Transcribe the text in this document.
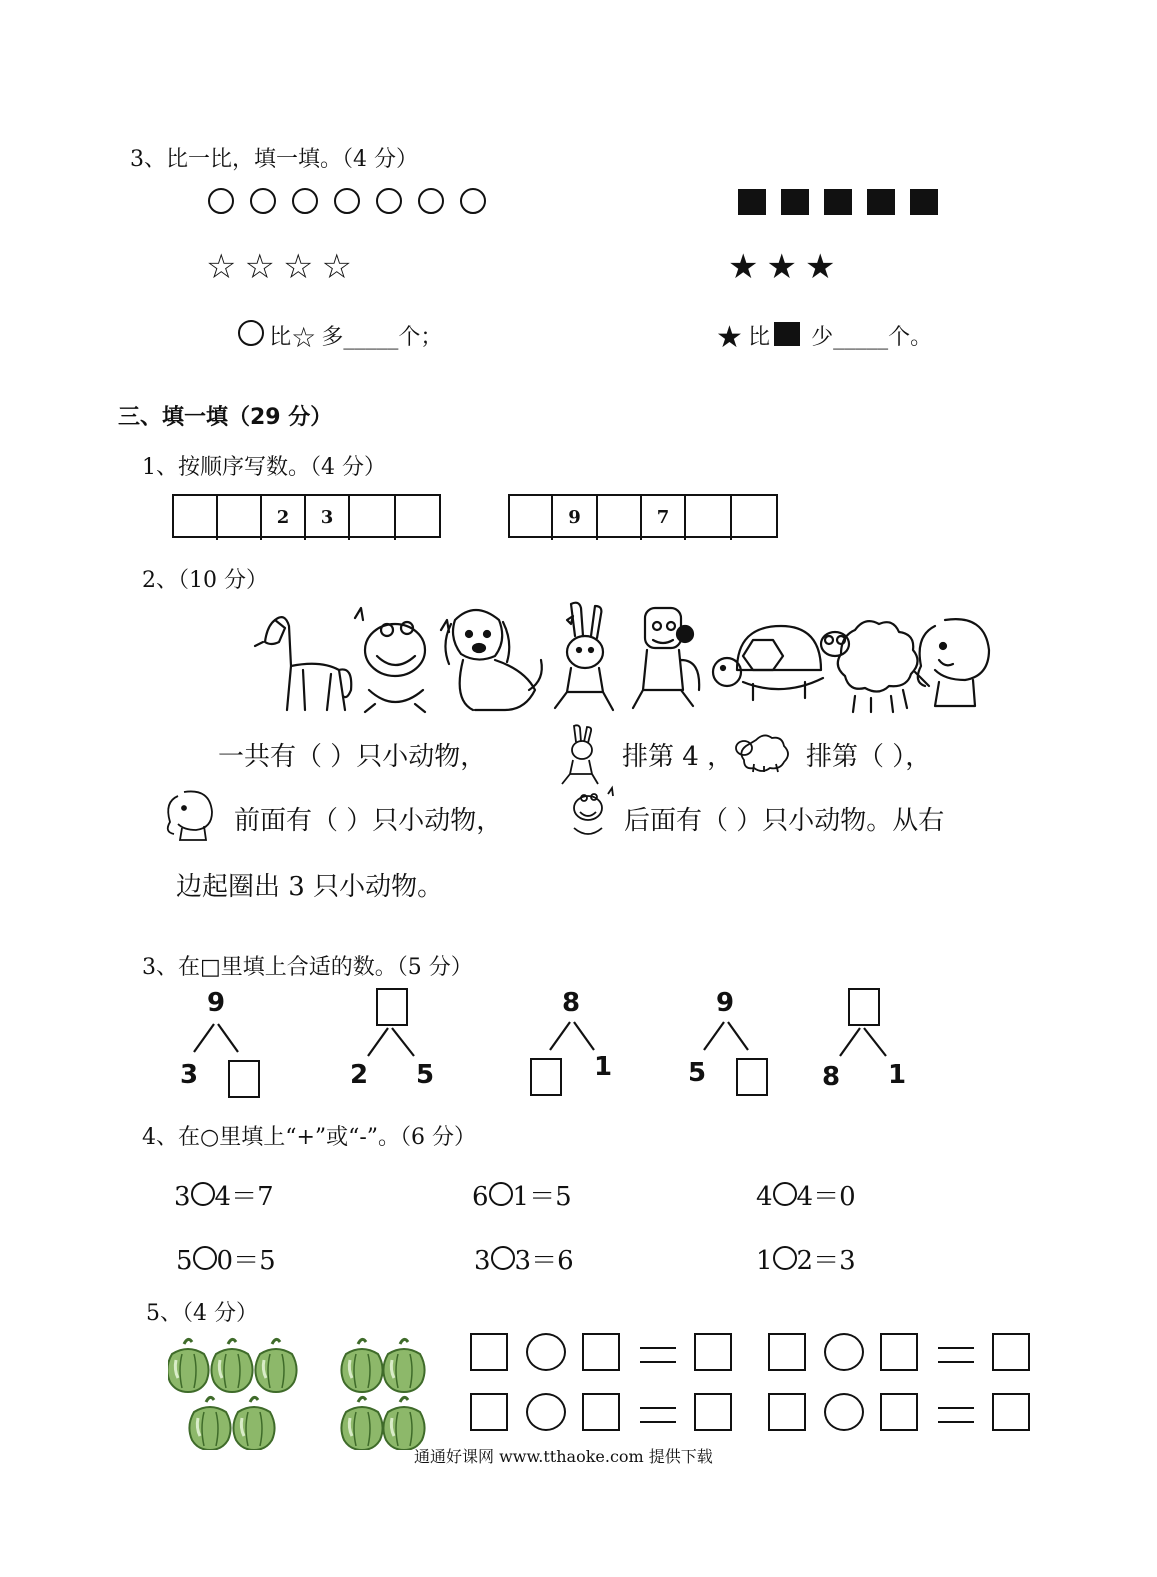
3、比一比，填一填。（4 分）
☆☆☆☆	★★★
比☆ 多_____个；	★ 比 少_____个。
三、填一填（29 分）
1、按顺序写数。（4 分）
2	3	9	7
2、（10 分）
一共有（ ）只小动物，	排第 4 ，	排第（ ），
前面有（ ）只小动物，	后面有（ ）只小动物。从右
边起圈出 3 只小动物。
3、在□里填上合适的数。（5 分）
9
3	2 5
8
1
9
5	8 1
4、在○里填上“+”或“-”。（6 分）
3 4＝7	6 1＝5	4 4＝0
5 0＝5	3 3＝6	1 2＝3
5、（4 分）
通通好课网 www.tthaoke.com 提供下载
